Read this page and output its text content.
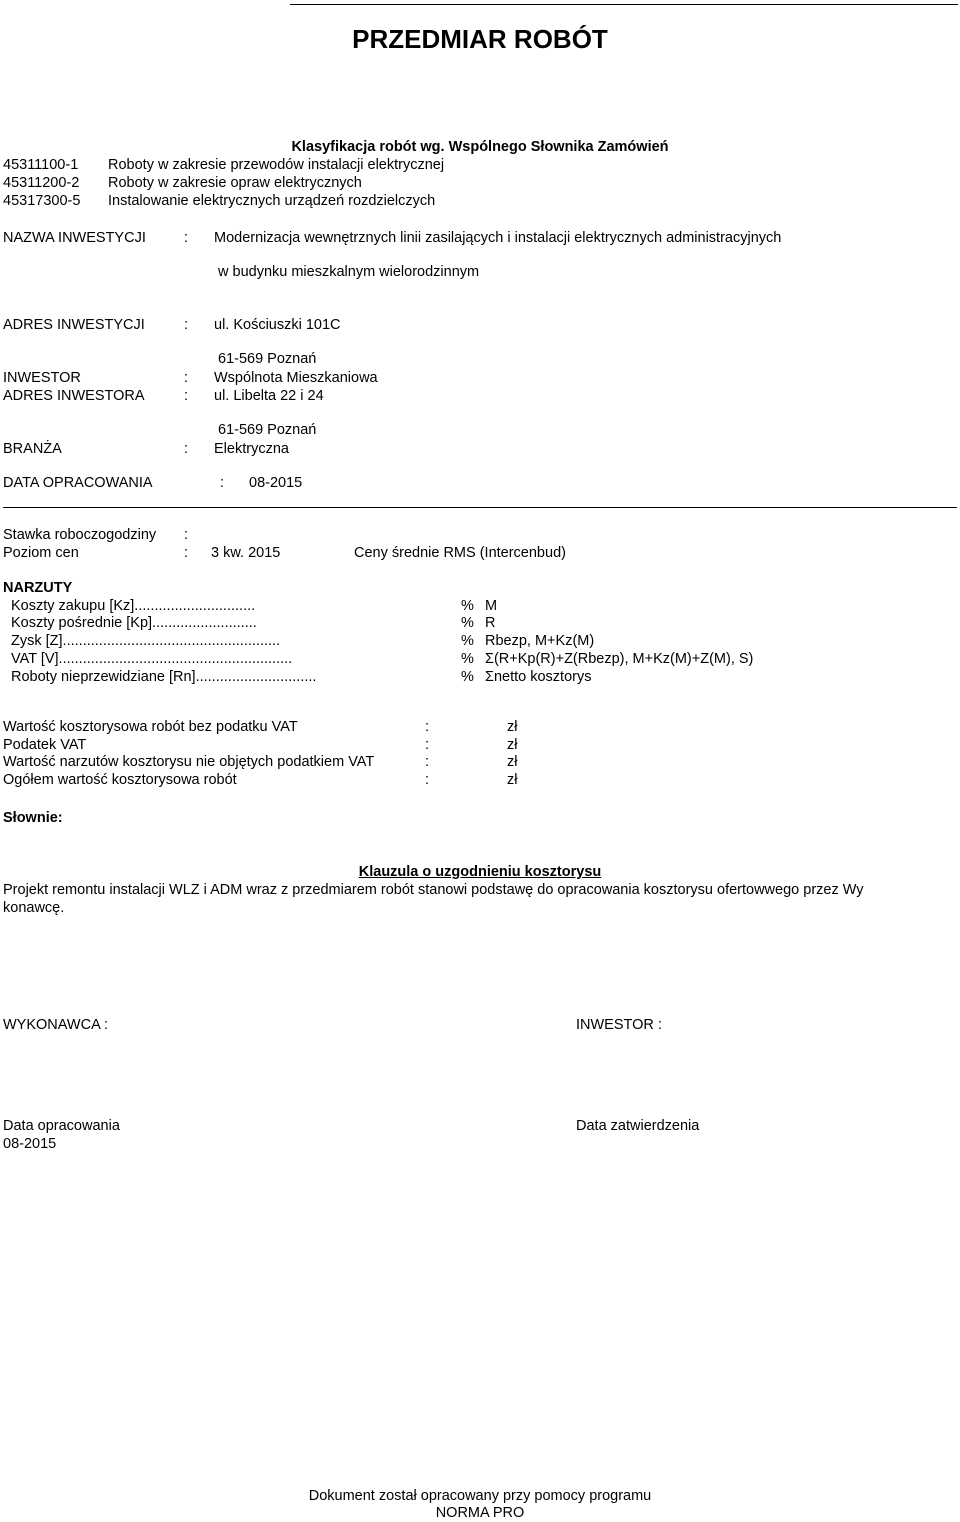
PRZEDMIAR ROBÓT
Klasyfikacja robót wg. Wspólnego Słownika Zamówień
45311100-1 Roboty w zakresie przewodów instalacji elektrycznej
45311200-2 Roboty w zakresie opraw elektrycznych
45317300-5 Instalowanie elektrycznych urządzeń rozdzielczych
NAZWA INWESTYCJI	: Modernizacja wewnętrznych linii zasilających i instalacji elektrycznych administracyjnych
w budynku mieszkalnym wielorodzinnym
ADRES INWESTYCJI	: ul. Kościuszki 101C
61-569 Poznań
INWESTOR	: Wspólnota Mieszkaniowa
ADRES INWESTORA	: ul. Libelta 22 i 24
61-569 Poznań
BRANŻA	: Elektryczna
DATA OPRACOWANIA	: 08-2015
Stawka roboczogodziny :
Poziom cen	: 3 kw. 2015	Ceny średnie RMS (Intercenbud)
NARZUTY
Koszty zakupu [Kz]..............................	% M
Koszty pośrednie [Kp]..........................	% R
Zysk [Z]......................................................	% Rbezp, M+Kz(M)
VAT [V]..........................................................	% Σ(R+Kp(R)+Z(Rbezp), M+Kz(M)+Z(M), S)
Roboty nieprzewidziane [Rn]..............................	% Σnetto kosztorys
Wartość kosztorysowa robót bez podatku VAT	:	zł
Podatek VAT	:	zł
Wartość narzutów kosztorysu nie objętych podatkiem VAT	:	zł
Ogółem wartość kosztorysowa robót	:	zł
Słownie:
Klauzula o uzgodnieniu kosztorysu
Projekt remontu instalacji WLZ i ADM wraz z przedmiarem robót stanowi podstawę do opracowania kosztorysu ofertowwego przez Wy
konawcę.
WYKONAWCA :	INWESTOR :
Data opracowania
08-2015
Data zatwierdzenia
Dokument został opracowany przy pomocy programu
NORMA PRO
